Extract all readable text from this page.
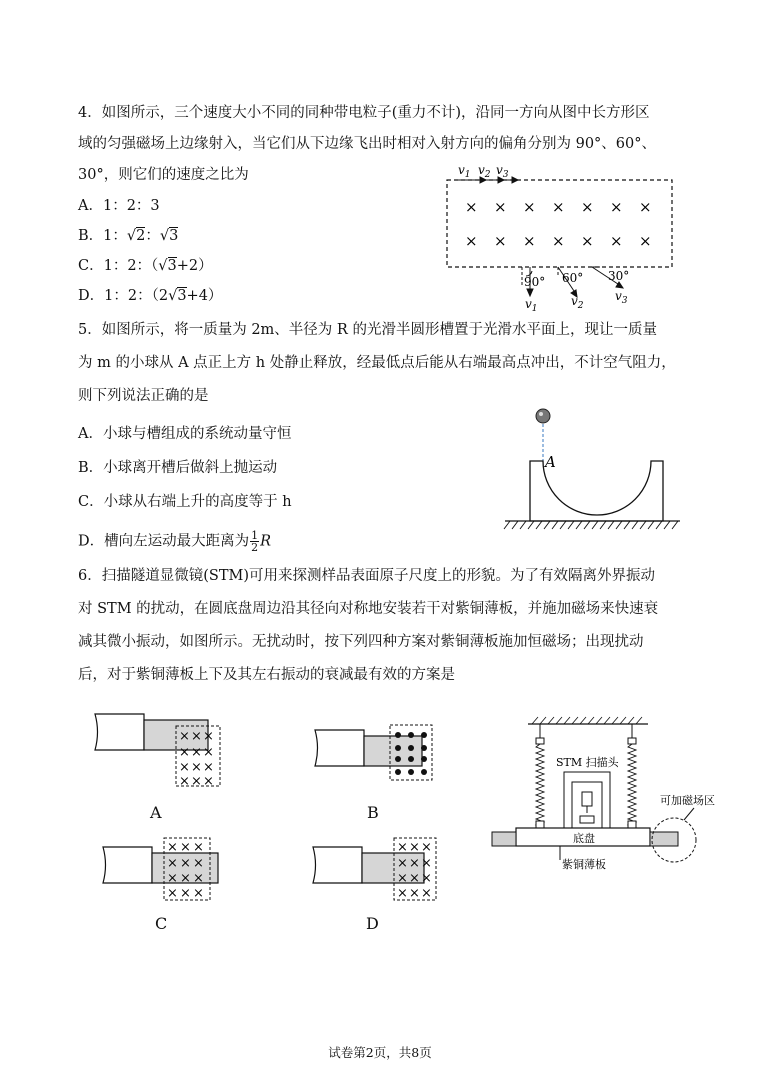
4．如图所示，三个速度大小不同的同种带电粒子(重力不计)，沿同一方向从图中长方形区
域的匀强磁场上边缘射入，当它们从下边缘飞出时相对入射方向的偏角分别为 90°、60°、
30°，则它们的速度之比为
A．1：2：3
B．1：√2：√3
C．1：2：（√3+2）
D．1：2：（2√3+4）
$v_1$ $v_2$ $v_3$
× × × × × × ×
× × × × × × ×
90° 60° 30°
$v_1$
$v_2$
$v_3$
5．如图所示，将一质量为 2m、半径为 R 的光滑半圆形槽置于光滑水平面上，现让一质量
为 m 的小球从 A 点正上方 h 处静止释放，经最低点后能从右端最高点冲出，不计空气阻力，
则下列说法正确的是
A．小球与槽组成的系统动量守恒
B．小球离开槽后做斜上抛运动
C．小球从右端上升的高度等于 h
D．槽向左运动最大距离为 $\frac{1}{2}$ R
A
6．扫描隧道显微镜(STM)可用来探测样品表面原子尺度上的形貌。为了有效隔离外界振动
对 STM 的扰动，在圆底盘周边沿其径向对称地安装若干对紫铜薄板，并施加磁场来快速衰
减其微小振动，如图所示。无扰动时，按下列四种方案对紫铜薄板施加恒磁场；出现扰动
后，对于紫铜薄板上下及其左右振动的衰减最有效的方案是
× × ×
× × ×
× × ×
× × ×
A	B
× × ×
× × ×
× × ×
× × ×
C
× × ×
× × ×
× × ×
× × ×
D
STM 扫描头
底盘
可加磁场区
紫铜薄板
试卷第2页，共8页
